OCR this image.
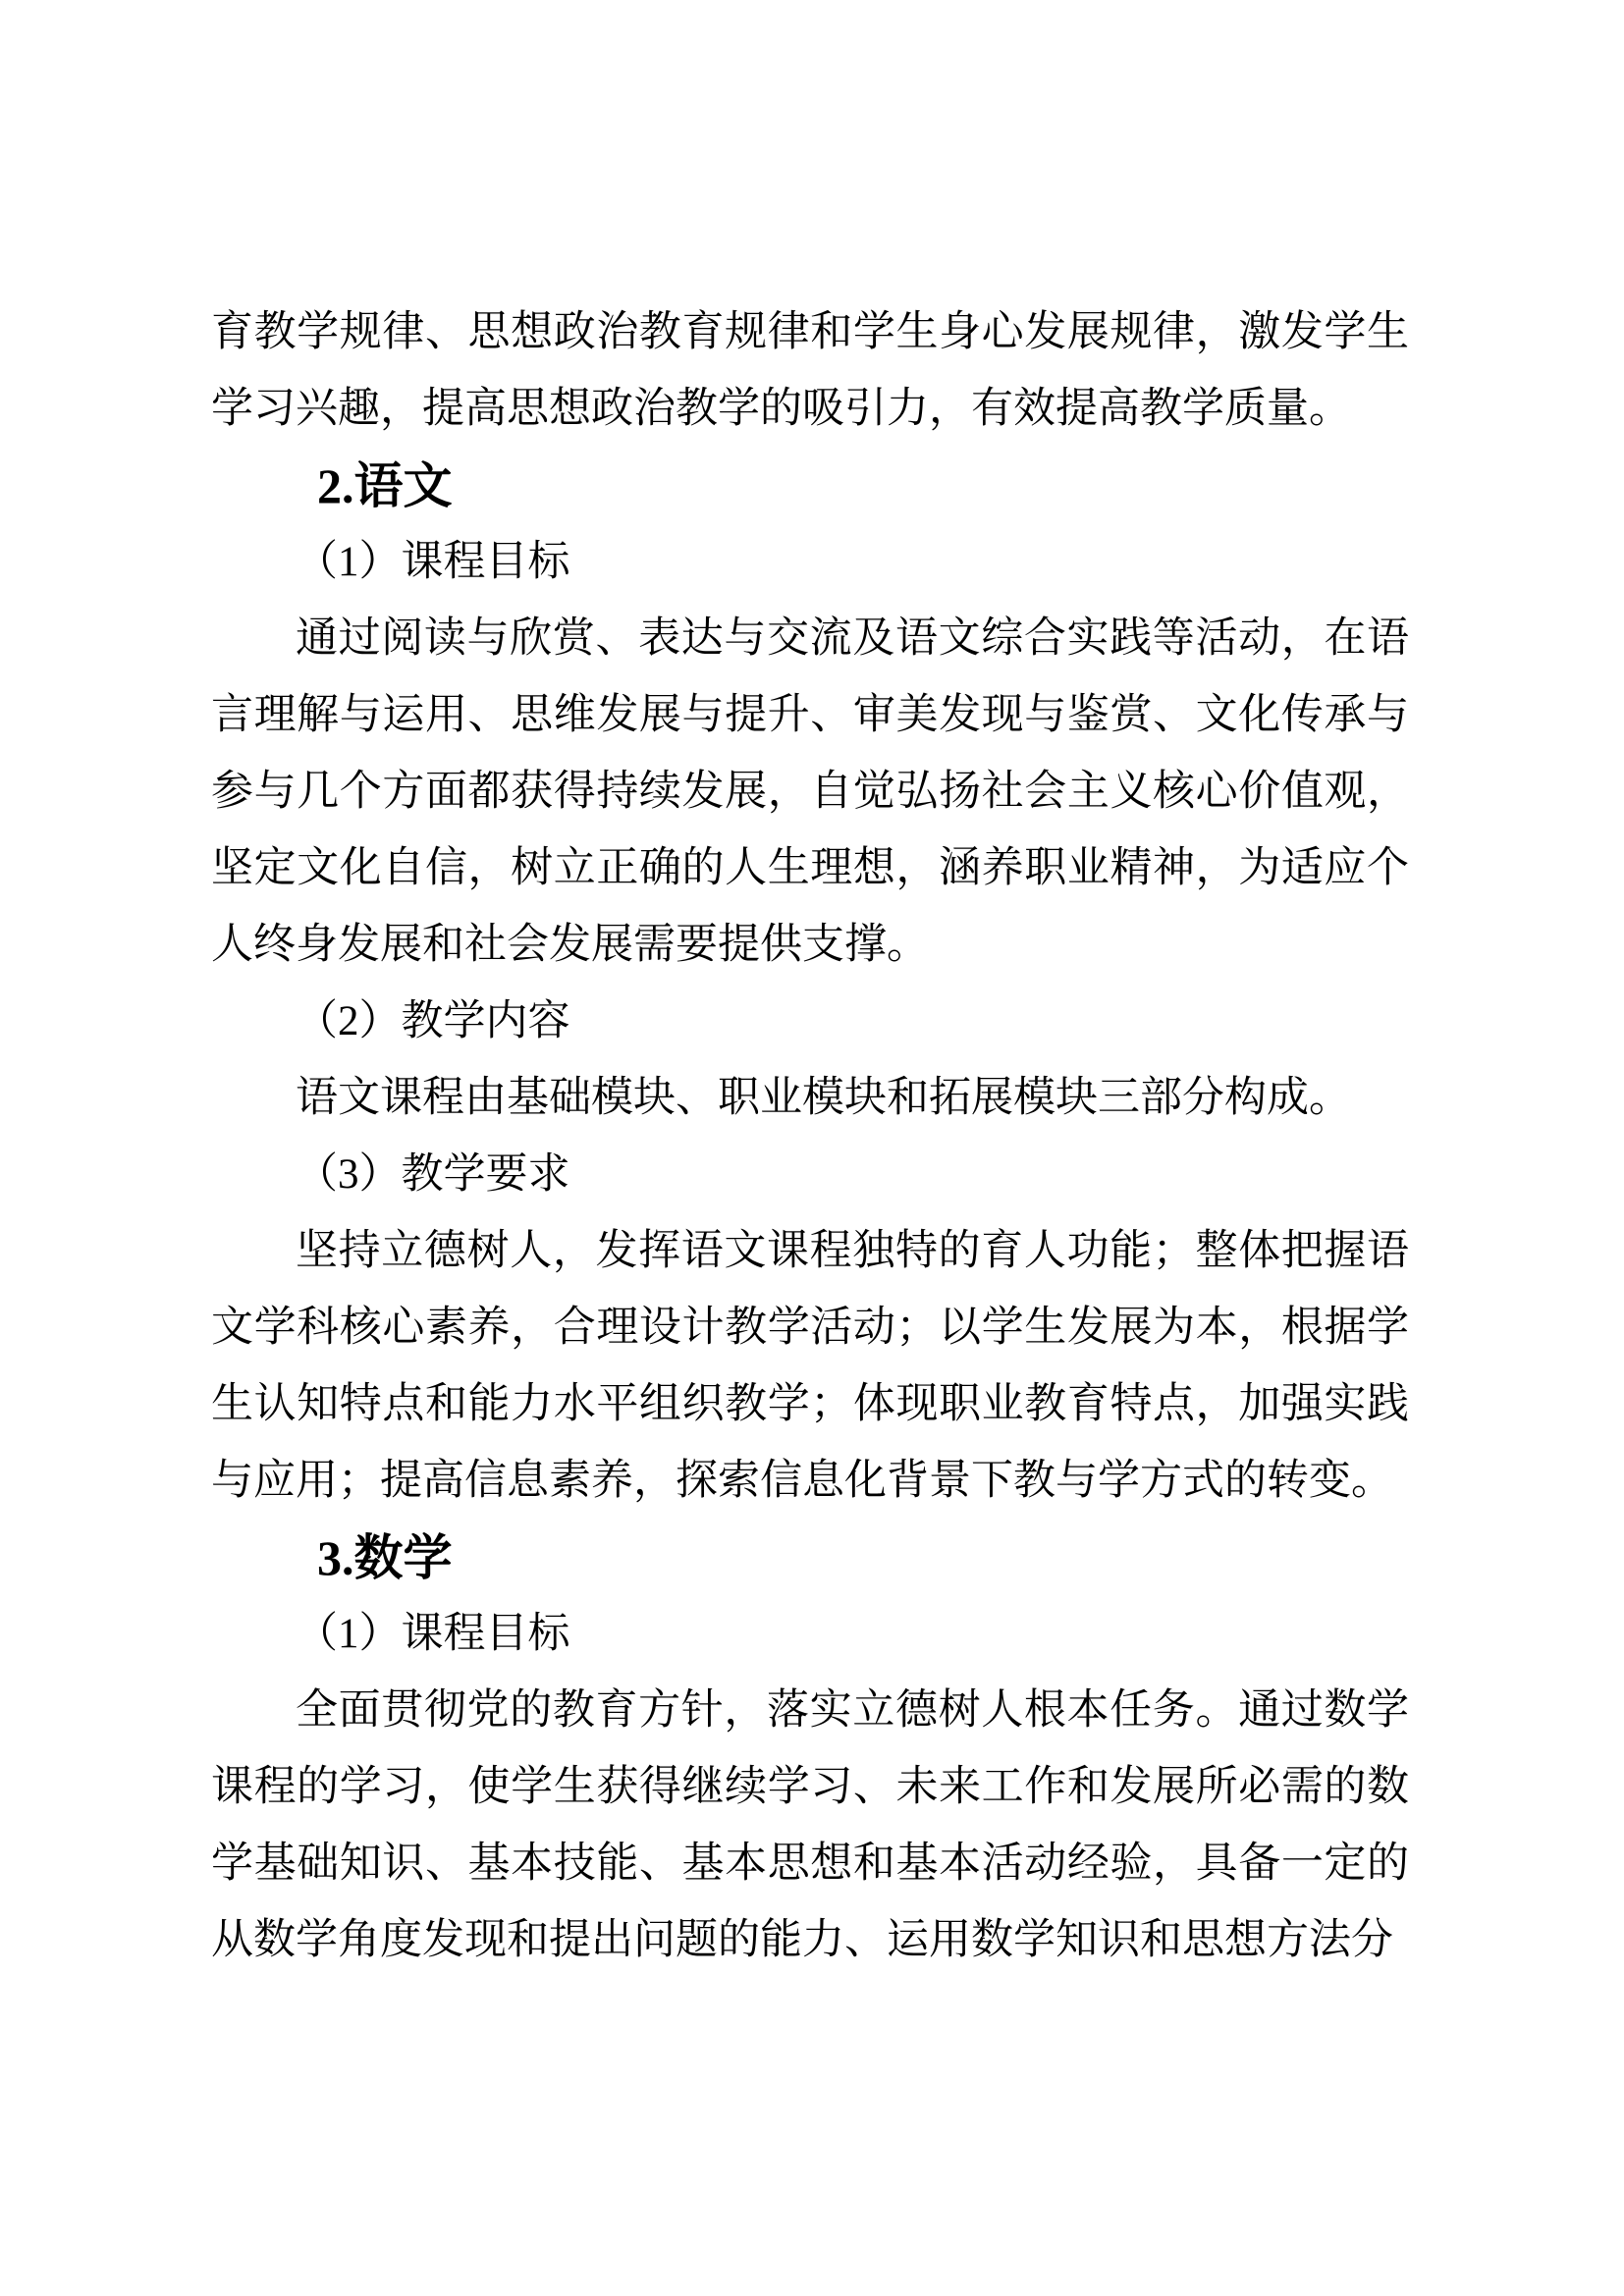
育教学规律、思想政治教育规律和学生身心发展规律，激发学生学习兴趣，提高思想政治教学的吸引力，有效提高教学质量。

2.语文

（1）课程目标

通过阅读与欣赏、表达与交流及语文综合实践等活动，在语言理解与运用、思维发展与提升、审美发现与鉴赏、文化传承与参与几个方面都获得持续发展，自觉弘扬社会主义核心价值观，坚定文化自信，树立正确的人生理想，涵养职业精神，为适应个人终身发展和社会发展需要提供支撑。

（2）教学内容

语文课程由基础模块、职业模块和拓展模块三部分构成。

（3）教学要求

坚持立德树人，发挥语文课程独特的育人功能；整体把握语文学科核心素养，合理设计教学活动；以学生发展为本，根据学生认知特点和能力水平组织教学；体现职业教育特点，加强实践与应用；提高信息素养，探索信息化背景下教与学方式的转变。

3.数学

（1）课程目标

全面贯彻党的教育方针，落实立德树人根本任务。通过数学课程的学习，使学生获得继续学习、未来工作和发展所必需的数学基础知识、基本技能、基本思想和基本活动经验，具备一定的从数学角度发现和提出问题的能力、运用数学知识和思想方法分
